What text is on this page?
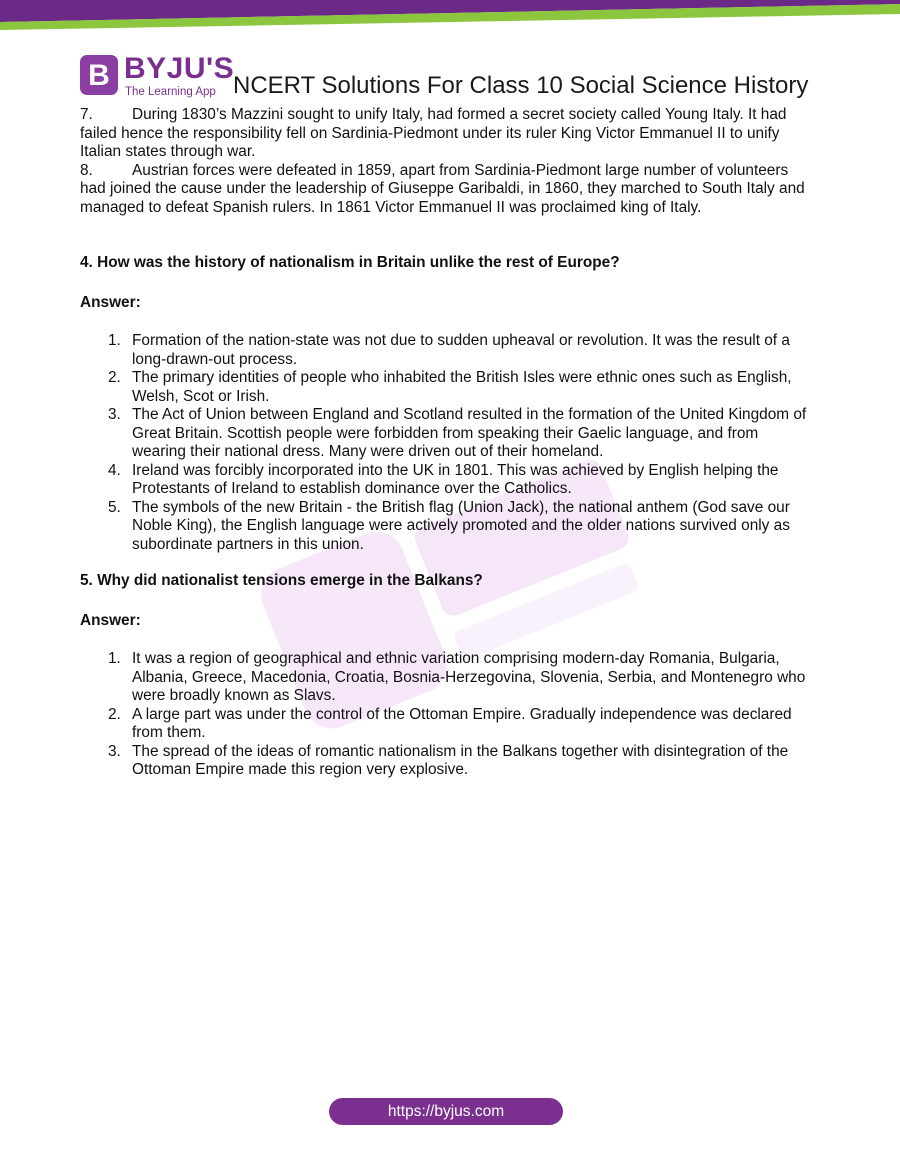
B BYJU'S
The Learning App NCERT Solutions For Class 10 Social Science History

7.	During 1830’s Mazzini sought to unify Italy, had formed a secret society called Young Italy. It had failed hence the responsibility fell on Sardinia-Piedmont under its ruler King Victor Emmanuel II to unify Italian states through war.

8.	Austrian forces were defeated in 1859, apart from Sardinia-Piedmont large number of volunteers had joined the cause under the leadership of Giuseppe Garibaldi, in 1860, they marched to South Italy and managed to defeat Spanish rulers. In 1861 Victor Emmanuel II was proclaimed king of Italy.

4. How was the history of nationalism in Britain unlike the rest of Europe?

Answer:

1. Formation of the nation-state was not due to sudden upheaval or revolution. It was the result of a long-drawn-out process.
2. The primary identities of people who inhabited the British Isles were ethnic ones such as English, Welsh, Scot or Irish.
3. The Act of Union between England and Scotland resulted in the formation of the United Kingdom of Great Britain. Scottish people were forbidden from speaking their Gaelic language, and from wearing their national dress. Many were driven out of their homeland.
4. Ireland was forcibly incorporated into the UK in 1801. This was achieved by English helping the Protestants of Ireland to establish dominance over the Catholics.
5. The symbols of the new Britain - the British flag (Union Jack), the national anthem (God save our Noble King), the English language were actively promoted and the older nations survived only as subordinate partners in this union.

5. Why did nationalist tensions emerge in the Balkans?

Answer:

1. It was a region of geographical and ethnic variation comprising modern-day Romania, Bulgaria, Albania, Greece, Macedonia, Croatia, Bosnia-Herzegovina, Slovenia, Serbia, and Montenegro who were broadly known as Slavs.
2. A large part was under the control of the Ottoman Empire. Gradually independence was declared from them.
3. The spread of the ideas of romantic nationalism in the Balkans together with disintegration of the Ottoman Empire made this region very explosive.
https://byjus.com
